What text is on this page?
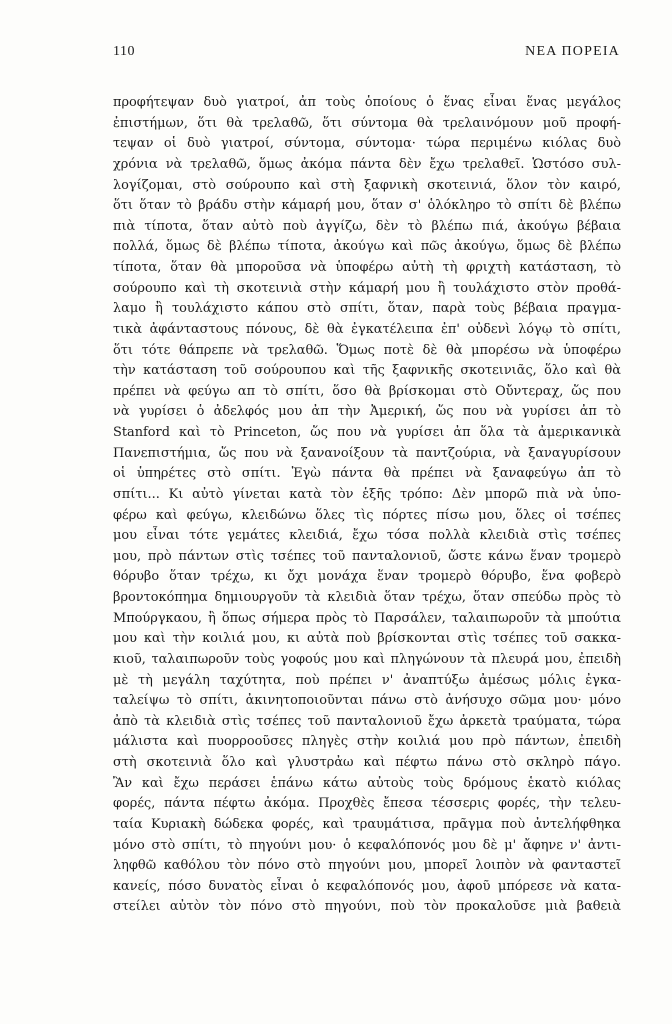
110	ΝΕΑ ΠΟΡΕΙΑ
προφήτεψαν δυὸ γιατροί, ἀπ τοὺς ὁποίους ὁ ἕνας εἶναι ἕνας μεγάλος
ἐπιστήμων, ὅτι θὰ τρελαθῶ, ὅτι σύντομα θὰ τρελαινόμουν μοῦ προφή-
τεψαν οἱ δυὸ γιατροί, σύντομα, σύντομα· τώρα περιμένω κιόλας δυὸ
χρόνια νὰ τρελαθῶ, ὅμως ἀκόμα πάντα δὲν ἔχω τρελαθεῖ. Ὡστόσο συλ-
λογίζομαι, στὸ σούρουπο καὶ στὴ ξαφνικὴ σκοτεινιά, ὅλον τὸν καιρό,
ὅτι ὅταν τὸ βράδυ στὴν κάμαρή μου, ὅταν σ' ὁλόκληρο τὸ σπίτι δὲ βλέπω
πιὰ τίποτα, ὅταν αὐτὸ ποὺ ἀγγίζω, δὲν τὸ βλέπω πιά, ἀκούγω βέβαια
πολλά, ὅμως δὲ βλέπω τίποτα, ἀκούγω καὶ πῶς ἀκούγω, ὅμως δὲ βλέπω
τίποτα, ὅταν θὰ μποροῦσα νὰ ὑποφέρω αὐτὴ τὴ φριχτὴ κατάσταση, τὸ
σούρουπο καὶ τὴ σκοτεινιὰ στὴν κάμαρή μου ἢ τουλάχιστο στὸν προθά-
λαμο ἢ τουλάχιστο κάπου στὸ σπίτι, ὅταν, παρὰ τοὺς βέβαια πραγμα-
τικὰ ἀφάνταστους πόνους, δὲ θὰ ἐγκατέλειπα ἐπ' οὐδενὶ λόγῳ τὸ σπίτι,
ὅτι τότε θάπρεπε νὰ τρελαθῶ. Ὅμως ποτὲ δὲ θὰ μπορέσω νὰ ὑποφέρω
τὴν κατάσταση τοῦ σούρουπου καὶ τῆς ξαφνικῆς σκοτεινιᾶς, ὅλο καὶ θὰ
πρέπει νὰ φεύγω απ τὸ σπίτι, ὅσο θὰ βρίσκομαι στὸ Οὔντεραχ, ὥς που
νὰ γυρίσει ὁ ἀδελφός μου ἀπ τὴν Ἀμερική, ὥς που νὰ γυρίσει ἀπ τὸ
Stanford καὶ τὸ Princeton, ὥς που νὰ γυρίσει ἀπ ὅλα τὰ ἀμερικανικὰ
Πανεπιστήμια, ὥς που νὰ ξανανοίξουν τὰ παντζούρια, νὰ ξαναγυρίσουν
οἱ ὑπηρέτες στὸ σπίτι. Ἐγὼ πάντα θὰ πρέπει νὰ ξαναφεύγω ἀπ τὸ
σπίτι... Κι αὐτὸ γίνεται κατὰ τὸν ἑξῆς τρόπο: Δὲν μπορῶ πιὰ νὰ ὑπο-
φέρω καὶ φεύγω, κλειδώνω ὅλες τὶς πόρτες πίσω μου, ὅλες οἱ τσέπες
μου εἶναι τότε γεμάτες κλειδιά, ἔχω τόσα πολλὰ κλειδιὰ στὶς τσέπες
μου, πρὸ πάντων στὶς τσέπες τοῦ πανταλονιοῦ, ὥστε κάνω ἕναν τρομερὸ
θόρυβο ὅταν τρέχω, κι ὄχι μονάχα ἕναν τρομερὸ θόρυβο, ἕνα φοβερὸ
βροντοκόπημα δημιουργοῦν τὰ κλειδιὰ ὅταν τρέχω, ὅταν σπεύδω πρὸς τὸ
Μπούργκαου, ἢ ὅπως σήμερα πρὸς τὸ Παρσάλεν, ταλαιπωροῦν τὰ μπούτια
μου καὶ τὴν κοιλιά μου, κι αὐτὰ ποὺ βρίσκονται στὶς τσέπες τοῦ σακκα-
κιοῦ, ταλαιπωροῦν τοὺς γοφούς μου καὶ πληγώνουν τὰ πλευρά μου, ἐπειδὴ
μὲ τὴ μεγάλη ταχύτητα, ποὺ πρέπει ν' ἀναπτύξω ἀμέσως μόλις ἐγκα-
ταλείψω τὸ σπίτι, ἀκινητοποιοῦνται πάνω στὸ ἀνήσυχο σῶμα μου· μόνο
ἀπὸ τὰ κλειδιὰ στὶς τσέπες τοῦ πανταλονιοῦ ἔχω ἀρκετὰ τραύματα, τώρα
μάλιστα καὶ πυορροοῦσες πληγὲς στὴν κοιλιά μου πρὸ πάντων, ἐπειδὴ
στὴ σκοτεινιὰ ὅλο καὶ γλυστρἀω καὶ πέφτω πάνω στὸ σκληρὸ πάγο.
Ἂν καὶ ἔχω περάσει ἑπάνω κάτω αὐτοὺς τοὺς δρόμους ἑκατὸ κιόλας
φορές, πάντα πέφτω ἀκόμα. Προχθὲς ἔπεσα τέσσερις φορές, τὴν τελευ-
ταία Κυριακὴ δώδεκα φορές, καὶ τραυμάτισα, πρᾶγμα ποὺ ἀντελήφθηκα
μόνο στὸ σπίτι, τὸ πηγούνι μου· ὁ κεφαλόπονός μου δὲ μ' ἄφηνε ν' ἀντι-
ληφθῶ καθόλου τὸν πόνο στὸ πηγούνι μου, μπορεῖ λοιπὸν νὰ φανταστεῖ
κανείς, πόσο δυνατὸς εἶναι ὁ κεφαλόπονός μου, ἀφοῦ μπόρεσε νὰ κατα-
στείλει αὐτὸν τὸν πόνο στὸ πηγούνι, ποὺ τὸν προκαλοῦσε μιὰ βαθειὰ
